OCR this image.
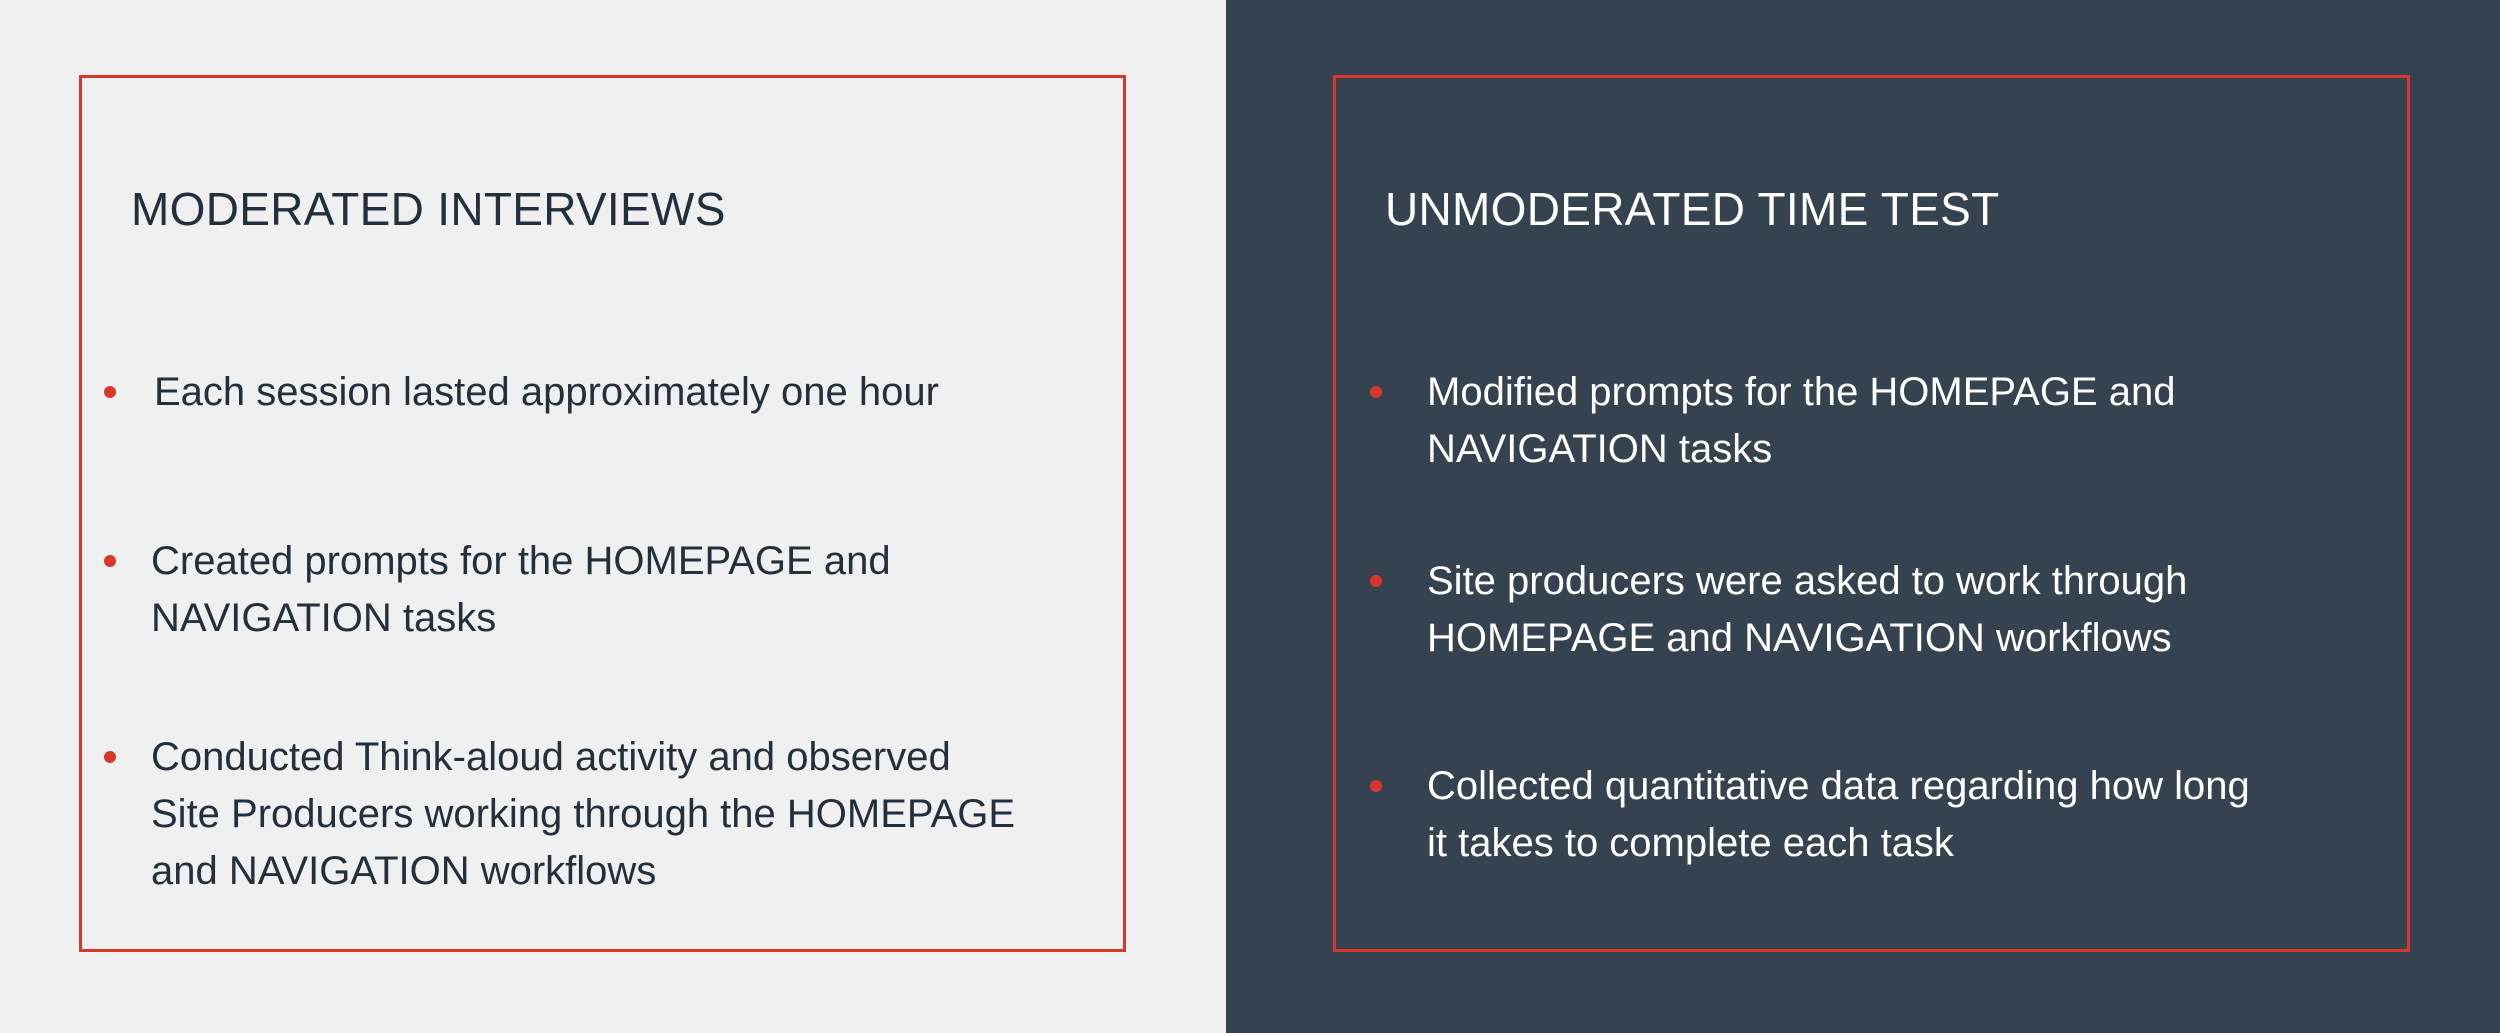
MODERATED INTERVIEWS
Each session lasted approximately one hour
Created prompts for the HOMEPAGE and
NAVIGATION tasks
Conducted Think-aloud activity and observed
Site Producers working through the HOMEPAGE
and NAVIGATION workflows
UNMODERATED TIME TEST
Modified prompts for the HOMEPAGE and
NAVIGATION tasks
Site producers were asked to work through
HOMEPAGE and NAVIGATION workflows
Collected quantitative data regarding how long
it takes to complete each task
